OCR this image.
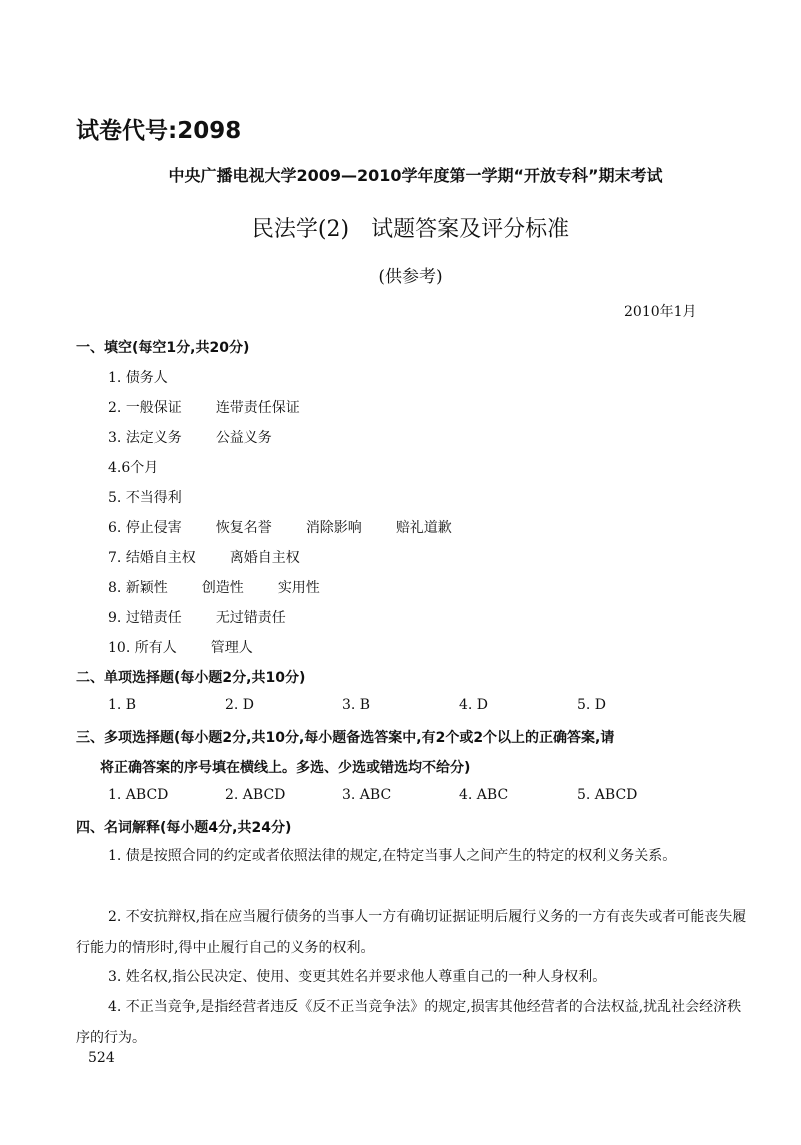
试卷代号:2098
中央广播电视大学2009—2010学年度第一学期“开放专科”期末考试
民法学(2)　试题答案及评分标准
(供参考)
2010年1月
一、填空(每空1分,共20分)
1. 债务人
2. 一般保证 连带责任保证
3. 法定义务 公益义务
4.6个月
5. 不当得利
6. 停止侵害 恢复名誉 消除影响 赔礼道歉
7. 结婚自主权 离婚自主权
8. 新颖性 创造性 实用性
9. 过错责任 无过错责任
10. 所有人 管理人
二、单项选择题(每小题2分,共10分)
1. B	2. D	3. B	4. D	5. D
三、多项选择题(每小题2分,共10分,每小题备选答案中,有2个或2个以上的正确答案,请
将正确答案的序号填在横线上。多选、少选或错选均不给分)
1. ABCD	2. ABCD	3. ABC	4. ABC	5. ABCD
四、名词解释(每小题4分,共24分)
1. 债是按照合同的约定或者依照法律的规定,在特定当事人之间产生的特定的权利义务关系。
2. 不安抗辩权,指在应当履行债务的当事人一方有确切证据证明后履行义务的一方有丧失或者可能丧失履行能力的情形时,得中止履行自己的义务的权利。
3. 姓名权,指公民决定、使用、变更其姓名并要求他人尊重自己的一种人身权利。
4. 不正当竞争,是指经营者违反《反不正当竞争法》的规定,损害其他经营者的合法权益,扰乱社会经济秩序的行为。
524
